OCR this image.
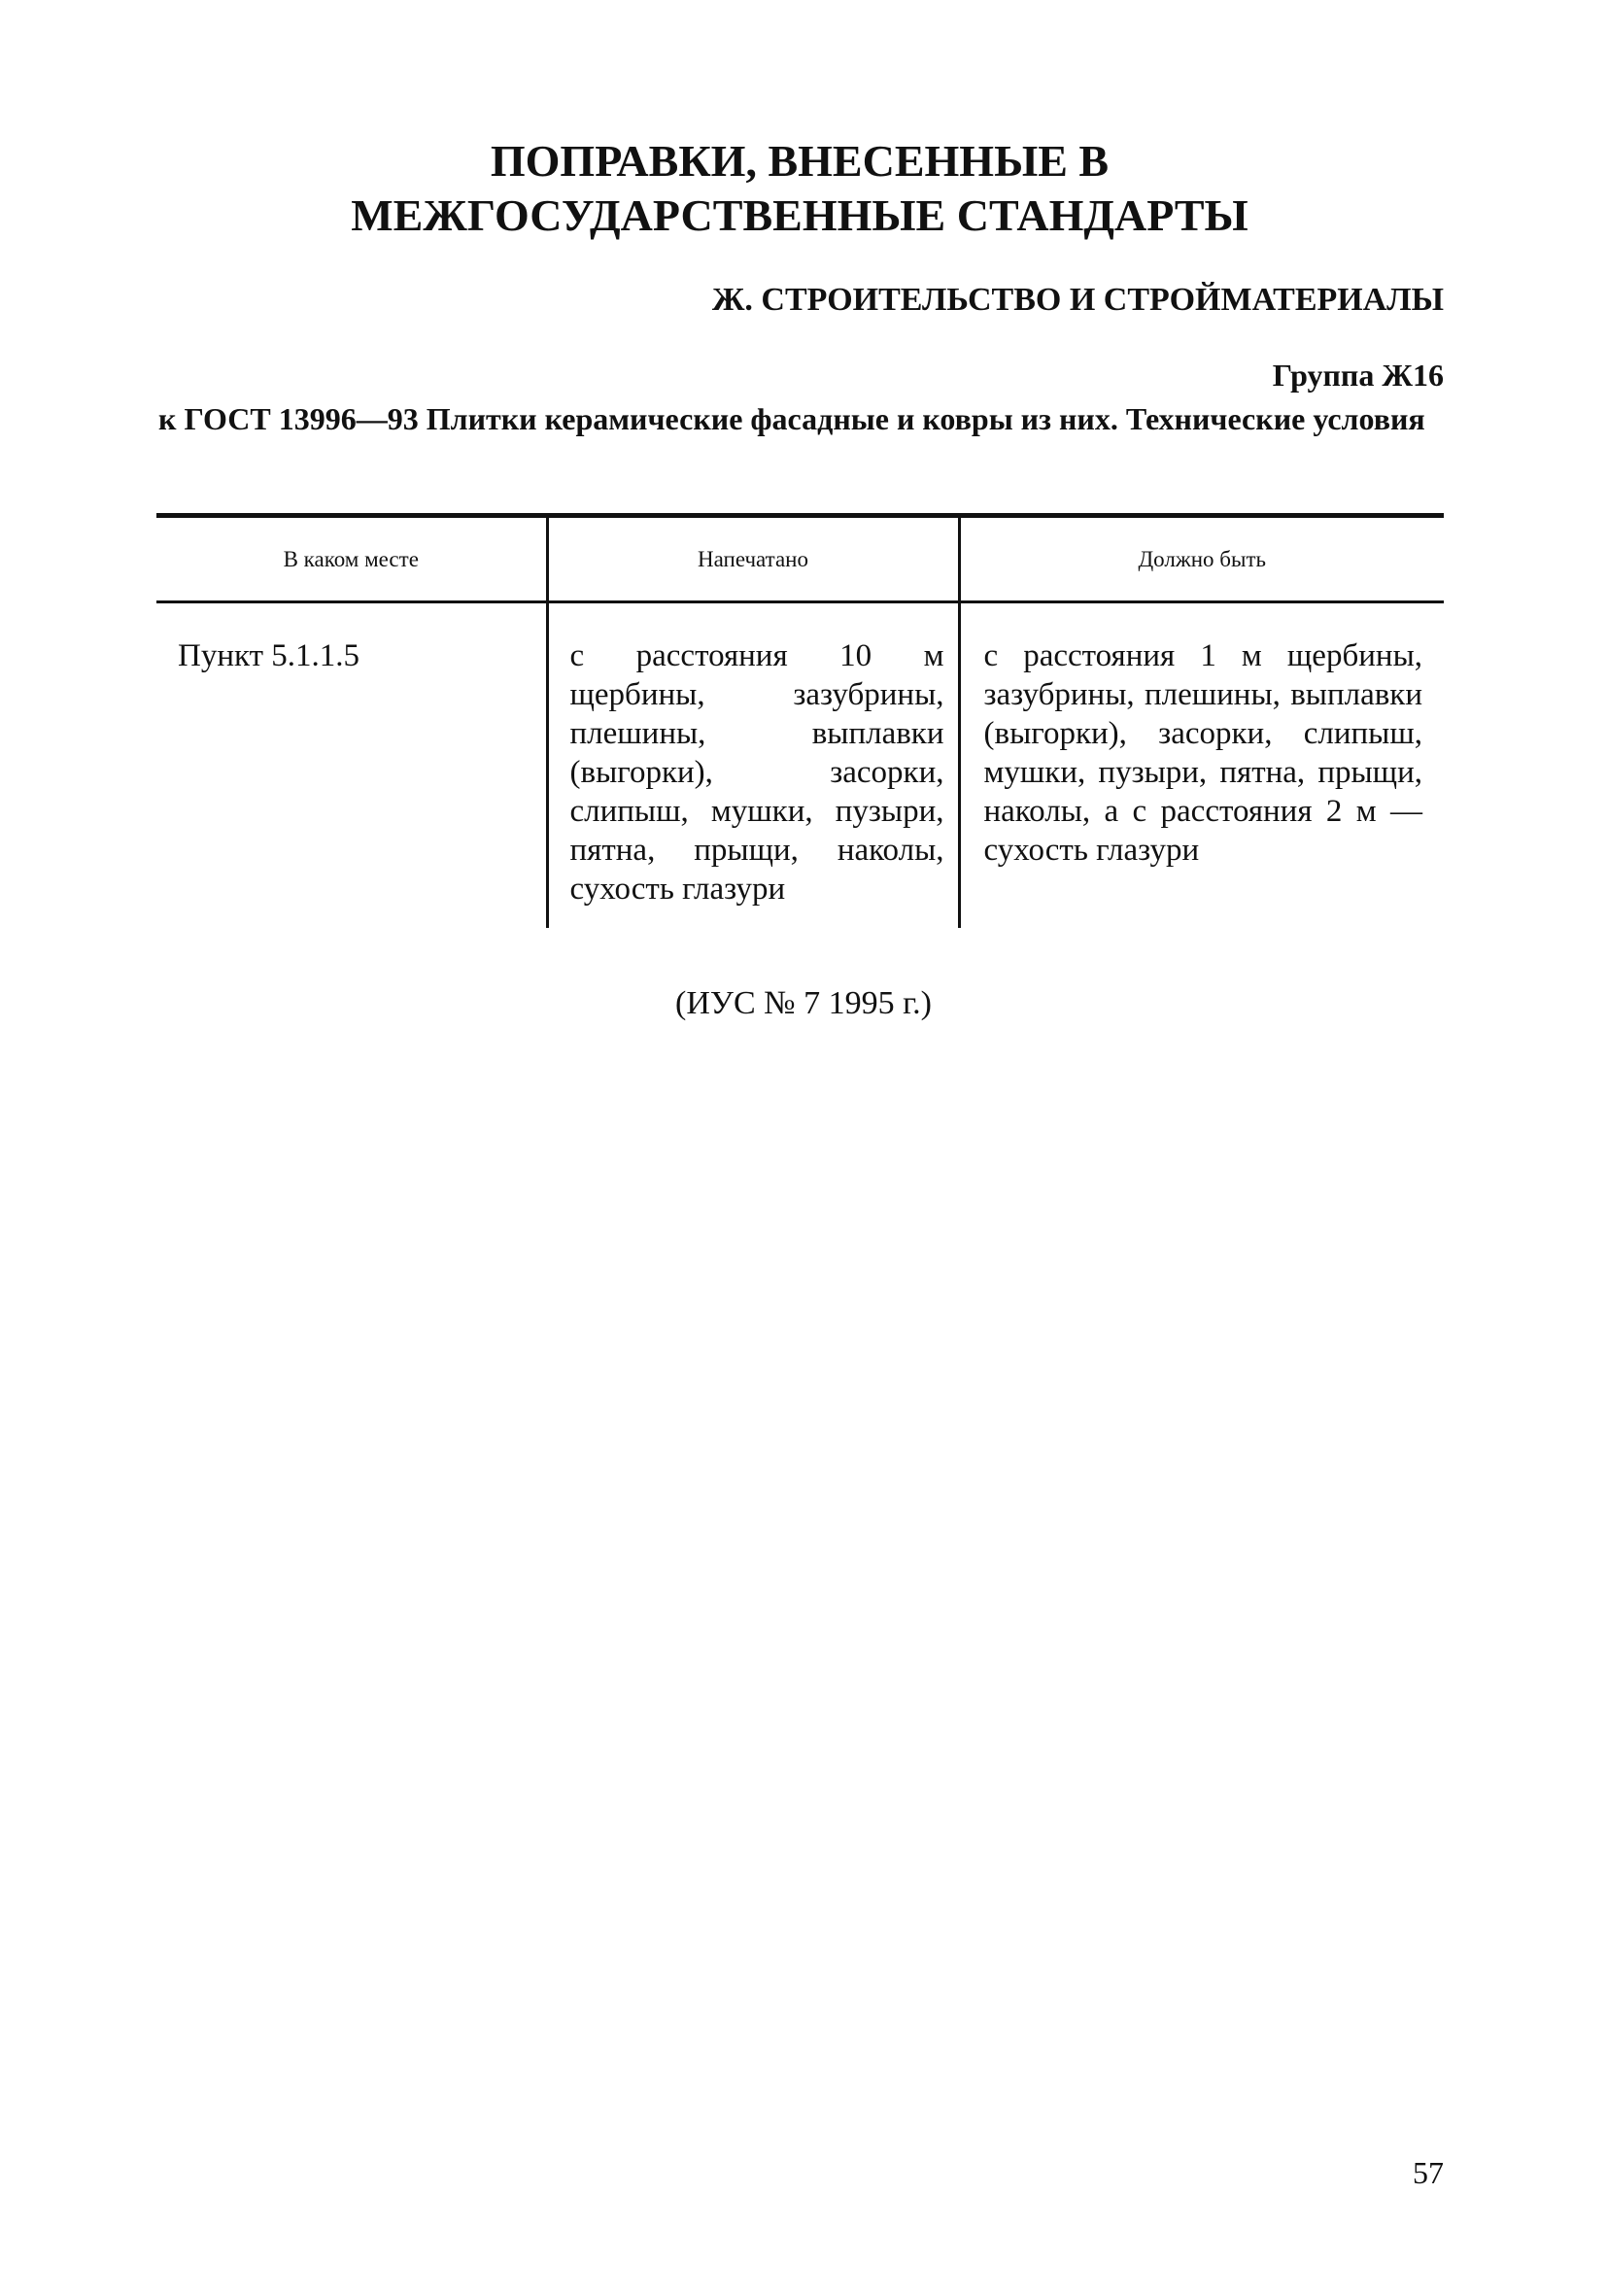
ПОПРАВКИ, ВНЕСЕННЫЕ В
МЕЖГОСУДАРСТВЕННЫЕ СТАНДАРТЫ

Ж. СТРОИТЕЛЬСТВО И СТРОЙМАТЕРИАЛЫ

Группа Ж16

к ГОСТ 13996—93 Плитки керамические фасадные и ковры из них. Технические условия

В каком месте	Напечатано	Должно быть
Пункт 5.1.1.5	с расстояния 10 м щербины, зазубрины, плешины, выплавки (выгорки), засорки, слипыш, мушки, пузыри, пятна, прыщи, наколы, сухость глазури	с расстояния 1 м щербины, зазубрины, плешины, выплавки (выгорки), засорки, слипыш, мушки, пузыри, пятна, прыщи, наколы, а с расстояния 2 м — сухость глазури

(ИУС № 7 1995 г.)

57
